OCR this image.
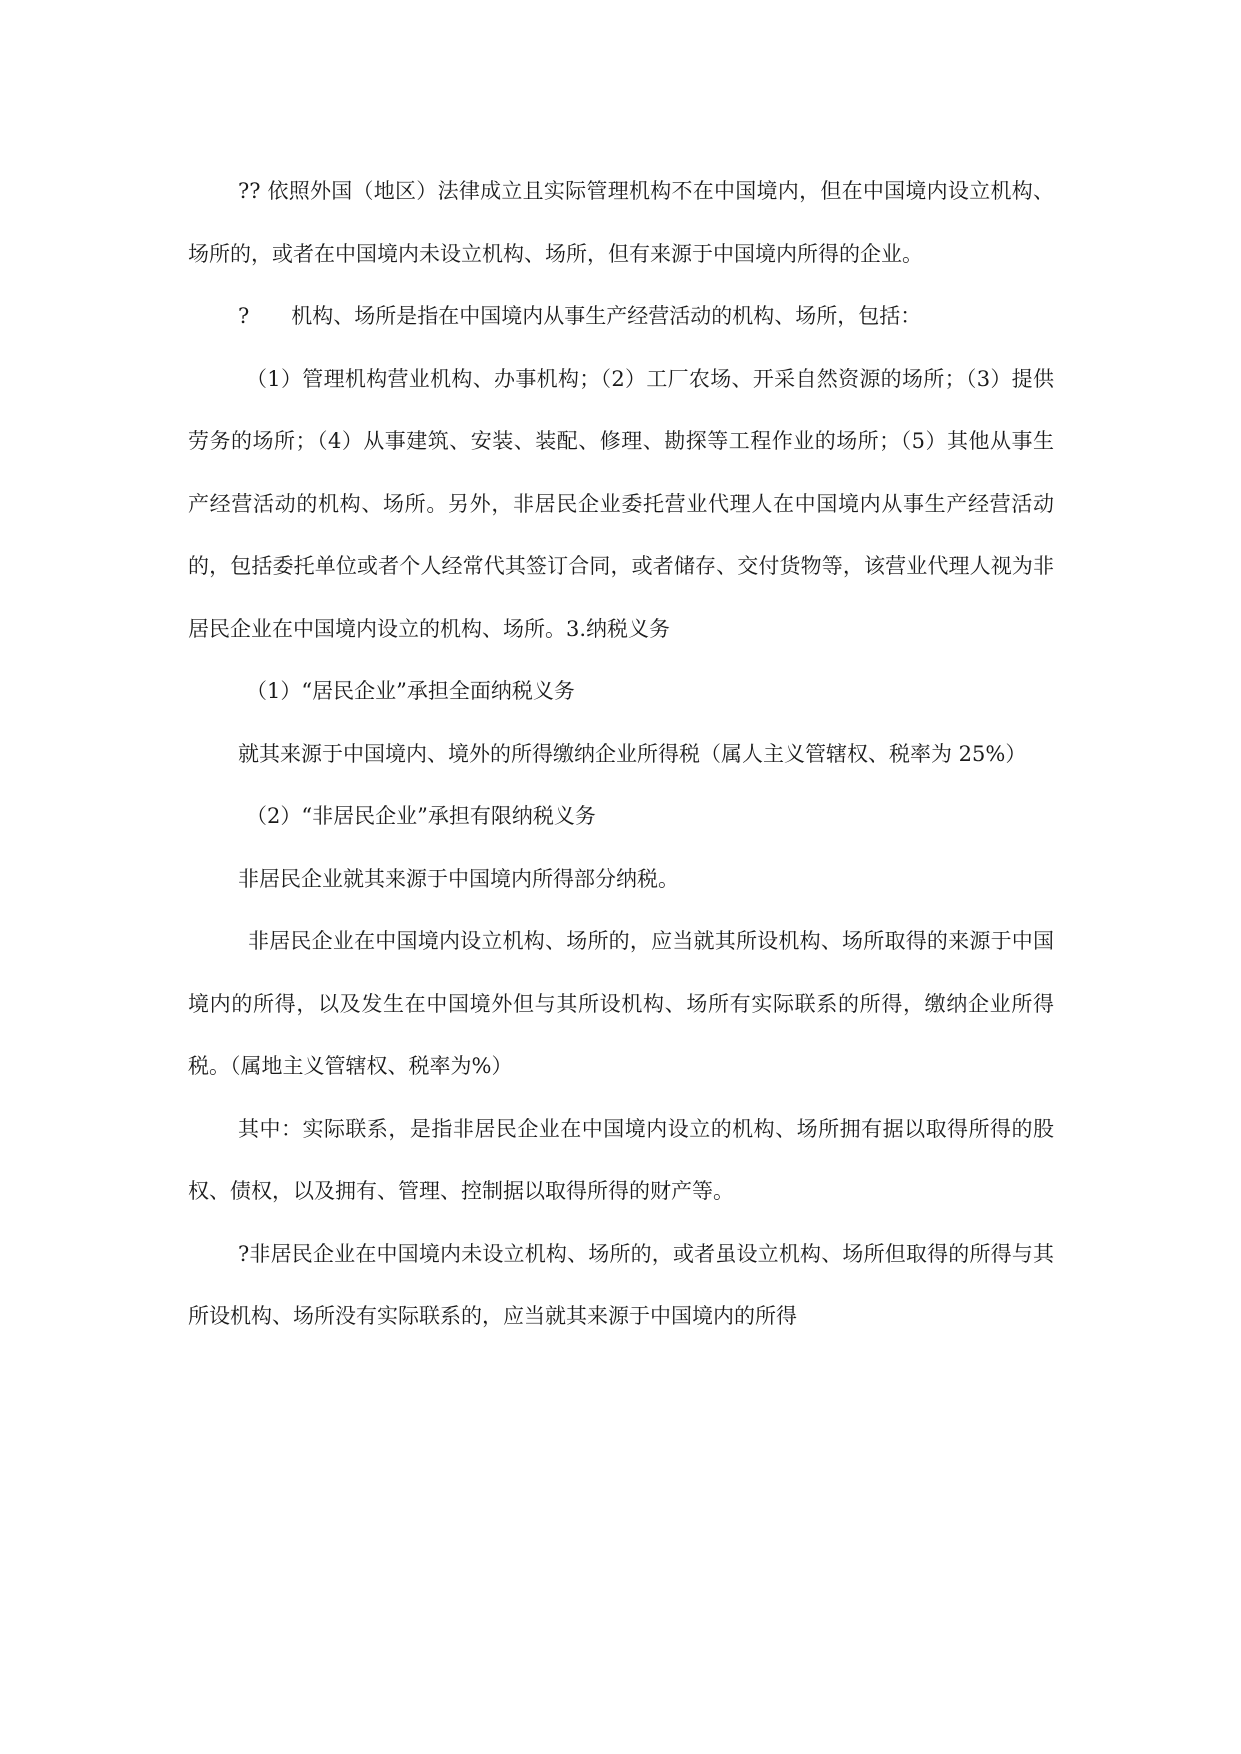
?? 依照外国（地区）法律成立且实际管理机构不在中国境内，但在中国境内设立机构、场所的，或者在中国境内未设立机构、场所，但有来源于中国境内所得的企业。

?　　机构、场所是指在中国境内从事生产经营活动的机构、场所，包括：

（1）管理机构营业机构、办事机构；（2）工厂农场、开采自然资源的场所；（3）提供劳务的场所；（4）从事建筑、安装、装配、修理、勘探等工程作业的场所；（5）其他从事生产经营活动的机构、场所。另外，非居民企业委托营业代理人在中国境内从事生产经营活动的，包括委托单位或者个人经常代其签订合同，或者储存、交付货物等，该营业代理人视为非居民企业在中国境内设立的机构、场所。3.纳税义务

（1）“居民企业”承担全面纳税义务

就其来源于中国境内、境外的所得缴纳企业所得税（属人主义管辖权、税率为 25%）

（2）“非居民企业”承担有限纳税义务

非居民企业就其来源于中国境内所得部分纳税。

非居民企业在中国境内设立机构、场所的，应当就其所设机构、场所取得的来源于中国境内的所得，以及发生在中国境外但与其所设机构、场所有实际联系的所得，缴纳企业所得税。（属地主义管辖权、税率为%）

其中：实际联系，是指非居民企业在中国境内设立的机构、场所拥有据以取得所得的股权、债权，以及拥有、管理、控制据以取得所得的财产等。

?非居民企业在中国境内未设立机构、场所的，或者虽设立机构、场所但取得的所得与其所设机构、场所没有实际联系的，应当就其来源于中国境内的所得
